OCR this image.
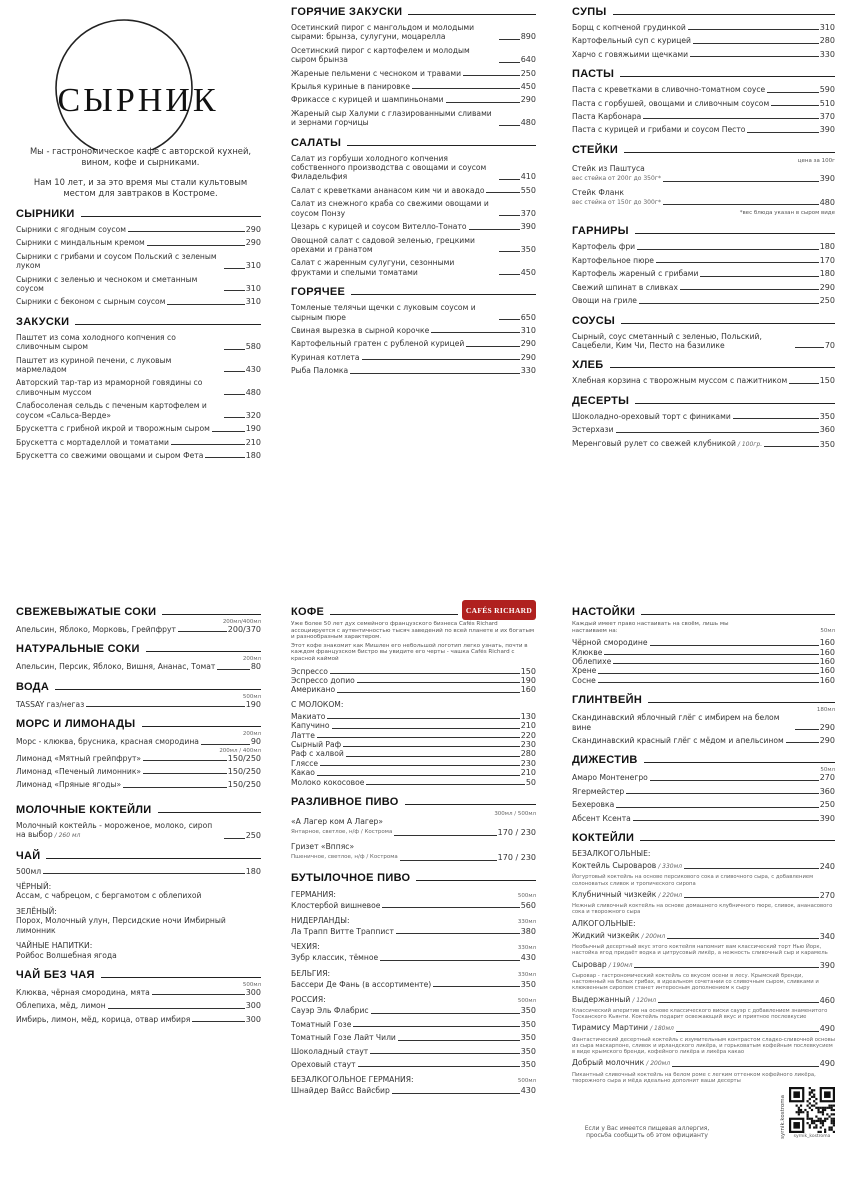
СЫРНИК

Мы - гастрономическое кафе с авторской кухней, вином, кофе и сырниками.

Нам 10 лет, и за это время мы стали культовым местом для завтраков в Костроме.

СЫРНИКИ
Сырники с ягодным соусом	290
Сырники с миндальным кремом	290
Сырники с грибами и соусом Польский с зеленым луком	310
Сырники с зеленью и чесноком и сметанным соусом	310
Сырники с беконом с сырным соусом	310
ЗАКУСКИ
Паштет из сома холодного копчения со сливочным сыром	580
Паштет из куриной печени, с луковым мармеладом	430
Авторский тар-тар из мраморной говядины со сливочным муссом	480
Слабосоленая сельдь с печеным картофелем и соусом «Сальса-Верде»	320
Брускетта с грибной икрой и творожным сыром	190
Брускетта с мортаделлой и томатами	210
Брускетта со свежими овощами и сыром Фета	180
ГОРЯЧИЕ ЗАКУСКИ
Осетинский пирог с мангольдом и молодыми сырами: брынза, сулугуни, моцарелла	890
Осетинский пирог с картофелем и молодым сыром брынза	640
Жареные пельмени с чесноком и травами	250
Крылья куриные в панировке	450
Фрикассе с курицей и шампиньонами	290
Жареный сыр Халуми с глазированными сливами и зернами горчицы	480
САЛАТЫ
Салат из горбуши холодного копчения собственного производства с овощами и соусом Филадельфия	410
Салат с креветками ананасом ким чи и авокадо	550
Салат из снежного краба со свежими овощами и соусом Понзу	370
Цезарь с курицей и соусом Вителло-Тонато	390
Овощной салат с садовой зеленью, грецкими орехами и гранатом	350
Салат с жаренным сулугуни, сезонными фруктами и спелыми томатами	450
ГОРЯЧЕЕ
Томленые телячьи щечки с луковым соусом и сырным пюре	650
Свиная вырезка в сырной корочке	310
Картофельный гратен с рубленой курицей	290
Куриная котлета	290
Рыба Паломка	330
СУПЫ
Борщ с копченой грудинкой	310
Картофельный суп с курицей	280
Харчо с говяжьими щечками	330
ПАСТЫ
Паста с креветками в сливочно-томатном соусе	590
Паста с горбушей, овощами и сливочным соусом	510
Паста Карбонара	370
Паста с курицей и грибами и соусом Песто	390
СТЕЙКИ
цена за 100г
Стейк из Паштуса
вес стейка от 200г до 350г*	390
Стейк Фланк
вес стейка от 150г до 300г*	480
*вес блюда указан в сыром виде
ГАРНИРЫ
Картофель фри	180
Картофельное пюре	170
Картофель жареный с грибами	180
Свежий шпинат в сливках	290
Овощи на гриле	250
СОУСЫ
Сырный, соус сметанный с зеленью, Польский, Сацебели, Ким Чи, Песто на базилике	70
ХЛЕБ
Хлебная корзина с творожным муссом с пажитником	150
ДЕСЕРТЫ
Шоколадно-ореховый торт с финиками	350
Эстерхази	360
Меренговый рулет со свежей клубникой / 100гр.	350
СВЕЖЕВЫЖАТЫЕ СОКИ
200мл/400мл
Апельсин, Яблоко, Морковь, Грейпфрут	200/370
НАТУРАЛЬНЫЕ СОКИ
200мл
Апельсин, Персик, Яблоко, Вишня, Ананас, Томат	80
ВОДА
500мл
TASSAY газ/негаз	190
МОРС И ЛИМОНАДЫ
200мл
Морс - клюква, брусника, красная смородина	90
200мл / 400мл
Лимонад «Мятный грейпфрут»	150/250
Лимонад «Печеный лимонник»	150/250
Лимонад «Пряные ягоды»	150/250
МОЛОЧНЫЕ КОКТЕЙЛИ
Молочный коктейль - мороженое, молоко, сироп на выбор / 260 мл	250
ЧАЙ
500мл	180
ЧЁРНЫЙ:
Ассам, с чабрецом, с бергамотом с облепихой
ЗЕЛЁНЫЙ:
Порох, Молочный улун, Персидские ночи Имбирный лимонник
ЧАЙНЫЕ НАПИТКИ:
Ройбос Волшебная ягода
ЧАЙ БЕЗ ЧАЯ
500мл
Клюква, чёрная смородина, мята	300
Облепиха, мёд, лимон	300
Имбирь, лимон, мёд, корица, отвар имбиря	300
КОФЕ	CAFÉS RICHARD
Уже более 50 лет дух семейного французского бизнеса Cafés Richard ассоциируется с аутентичностью тысяч заведений по всей планете и их богатым и разнообразным характером.
Этот кофе знакомит как Мишлен его небольшой логотип легко узнать, почти в каждом французском бистро вы увидите его черты - чашка Cafés Richard с красной каймой
Эспрессо	150
Эспрессо допио	190
Американо	160
С МОЛОКОМ:
Макиато	130
Капучино	210
Латте	220
Сырный Раф	230
Раф с халвой	280
Гляссе	230
Какао	210
Молоко кокосовое	50
РАЗЛИВНОЕ ПИВО
300мл / 500мл
«А Лагер ком А Лагер»
Янтарное, светлое, н/ф / Кострома	170 / 230
Гризет «Вппяс»
Пшеничное, светлое, н/ф / Кострома	170 / 230
БУТЫЛОЧНОЕ ПИВО
ГЕРМАНИЯ:	500мл
Клостербой вишневое	560
НИДЕРЛАНДЫ:	330мл
Ла Трапп Витте Траппист	380
ЧЕХИЯ:	330мл
Зубр классик, тёмное	430
БЕЛЬГИЯ:	330мл
Бассери Де Фань (в ассортименте)	350
РОССИЯ:	500мл
Сауэр Эль Флабрис	350
Томатный Гозе	350
Томатный Гозе Лайт Чили	350
Шоколадный стаут	350
Ореховый стаут	350
БЕЗАЛКОГОЛЬНОЕ ГЕРМАНИЯ:	500мл
Шнайдер Вайсс Вайсбир	430
НАСТОЙКИ
Каждый имеет право настаивать на своём, лишь мы настаиваем на:	50мл
Чёрной смородине	160
Клюкве	160
Облепихе	160
Хрене	160
Сосне	160
ГЛИНТВЕЙН
180мл
Скандинавский яблочный глёг с имбирем на белом вине	290
Скандинавский красный глёг с мёдом и апельсином	290
ДИЖЕСТИВ
50мл
Амаро Монтенегро	270
Ягермейстер	360
Бехеровка	250
Абсент Ксента	390
КОКТЕЙЛИ
БЕЗАЛКОГОЛЬНЫЕ:
Коктейль Сыроваров / 330мл	240
Йогуртовый коктейль на основе персикового сока и сливочного сыра, с добавлением солоноватых сливок и тропического сиропа
Клубничный чизкейк / 220мл	270
Нежный сливочный коктейль на основе домашнего клубничного пюре, сливок, ананасового сока и творожного сыра
АЛКОГОЛЬНЫЕ:
Жидкий чизкейк / 200мл	340
Необычный десертный вкус этого коктейля напомнит вам классический торт Нью Йорк, настойка ягод придаёт водка и цитрусовый ликёр, а нежность сливочный сыр и карамель
Сыровар / 190мл	390
Сыровар - гастрономический коктейль со вкусом осени в лесу. Крымский бренди, настоянный на белых грибах, в идеальном сочетании со сливочным сыром, сливками и клюквенным сиропом станет интересным дополнением к сыру
Выдержанный / 120мл	460
Классический аперитив на основе классического виски сауэр с добавлением знаменитого Тосканского Кьянти. Коктейль подарит освежающий вкус и приятное послевкусие
Тирамису Мартини / 180мл	490
Фантастический десертный коктейль с изумительным контрастом сладко-сливочной основы из сыра маскарпоне, сливок и ирландского ликёра, и горьковатым кофейным послевкусием в виде крымского бренди, кофейного ликёра и ликёра какао
Добрый молочник / 200мл	490
Пикантный сливочный коктейль на белом роме с легким оттенком кофейного ликёра, творожного сыра и мёда идеально дополнит ваши десерты
Если у Вас имеется пищевая аллергия, просьба сообщить об этом официанту	syrnik.kostroma syrnik_kostroma
